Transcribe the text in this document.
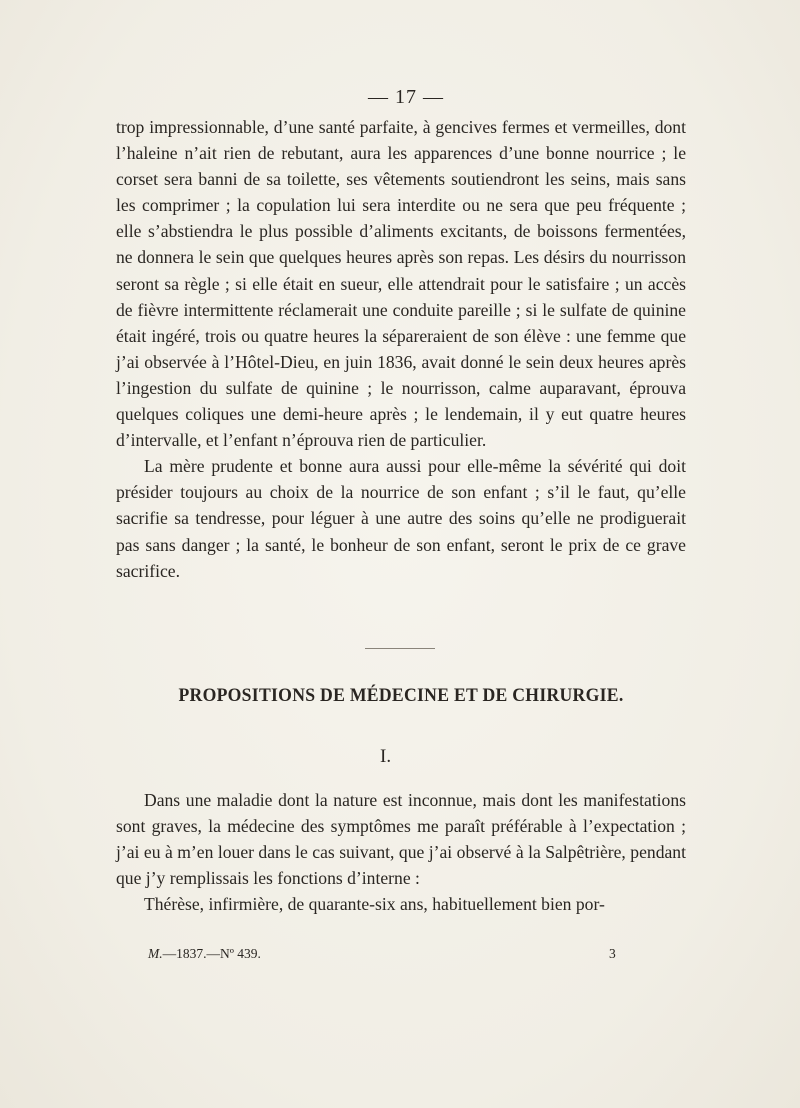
— 17 —

trop impressionnable, d’une santé parfaite, à gencives fermes et vermeilles, dont l’haleine n’ait rien de rebutant, aura les apparences d’une bonne nourrice ; le corset sera banni de sa toilette, ses vêtements soutiendront les seins, mais sans les comprimer ; la copulation lui sera interdite ou ne sera que peu fréquente ; elle s’abstiendra le plus possible d’aliments excitants, de boissons fermentées, ne donnera le sein que quelques heures après son repas. Les désirs du nourrisson seront sa règle ; si elle était en sueur, elle attendrait pour le satisfaire ; un accès de fièvre intermittente réclamerait une conduite pareille ; si le sulfate de quinine était ingéré, trois ou quatre heures la sépareraient de son élève : une femme que j’ai observée à l’Hôtel-Dieu, en juin 1836, avait donné le sein deux heures après l’ingestion du sulfate de quinine ; le nourrisson, calme auparavant, éprouva quelques coliques une demi-heure après ; le lendemain, il y eut quatre heures d’intervalle, et l’enfant n’éprouva rien de particulier.

La mère prudente et bonne aura aussi pour elle-même la sévérité qui doit présider toujours au choix de la nourrice de son enfant ; s’il le faut, qu’elle sacrifie sa tendresse, pour léguer à une autre des soins qu’elle ne prodiguerait pas sans danger ; la santé, le bonheur de son enfant, seront le prix de ce grave sacrifice.

PROPOSITIONS DE MÉDECINE ET DE CHIRURGIE.
I.

Dans une maladie dont la nature est inconnue, mais dont les manifestations sont graves, la médecine des symptômes me paraît préférable à l’expectation ; j’ai eu à m’en louer dans le cas suivant, que j’ai observé à la Salpêtrière, pendant que j’y remplissais les fonctions d’interne :

Thérèse, infirmière, de quarante-six ans, habituellement bien por-

M.—1837.—Nº 439.	3
